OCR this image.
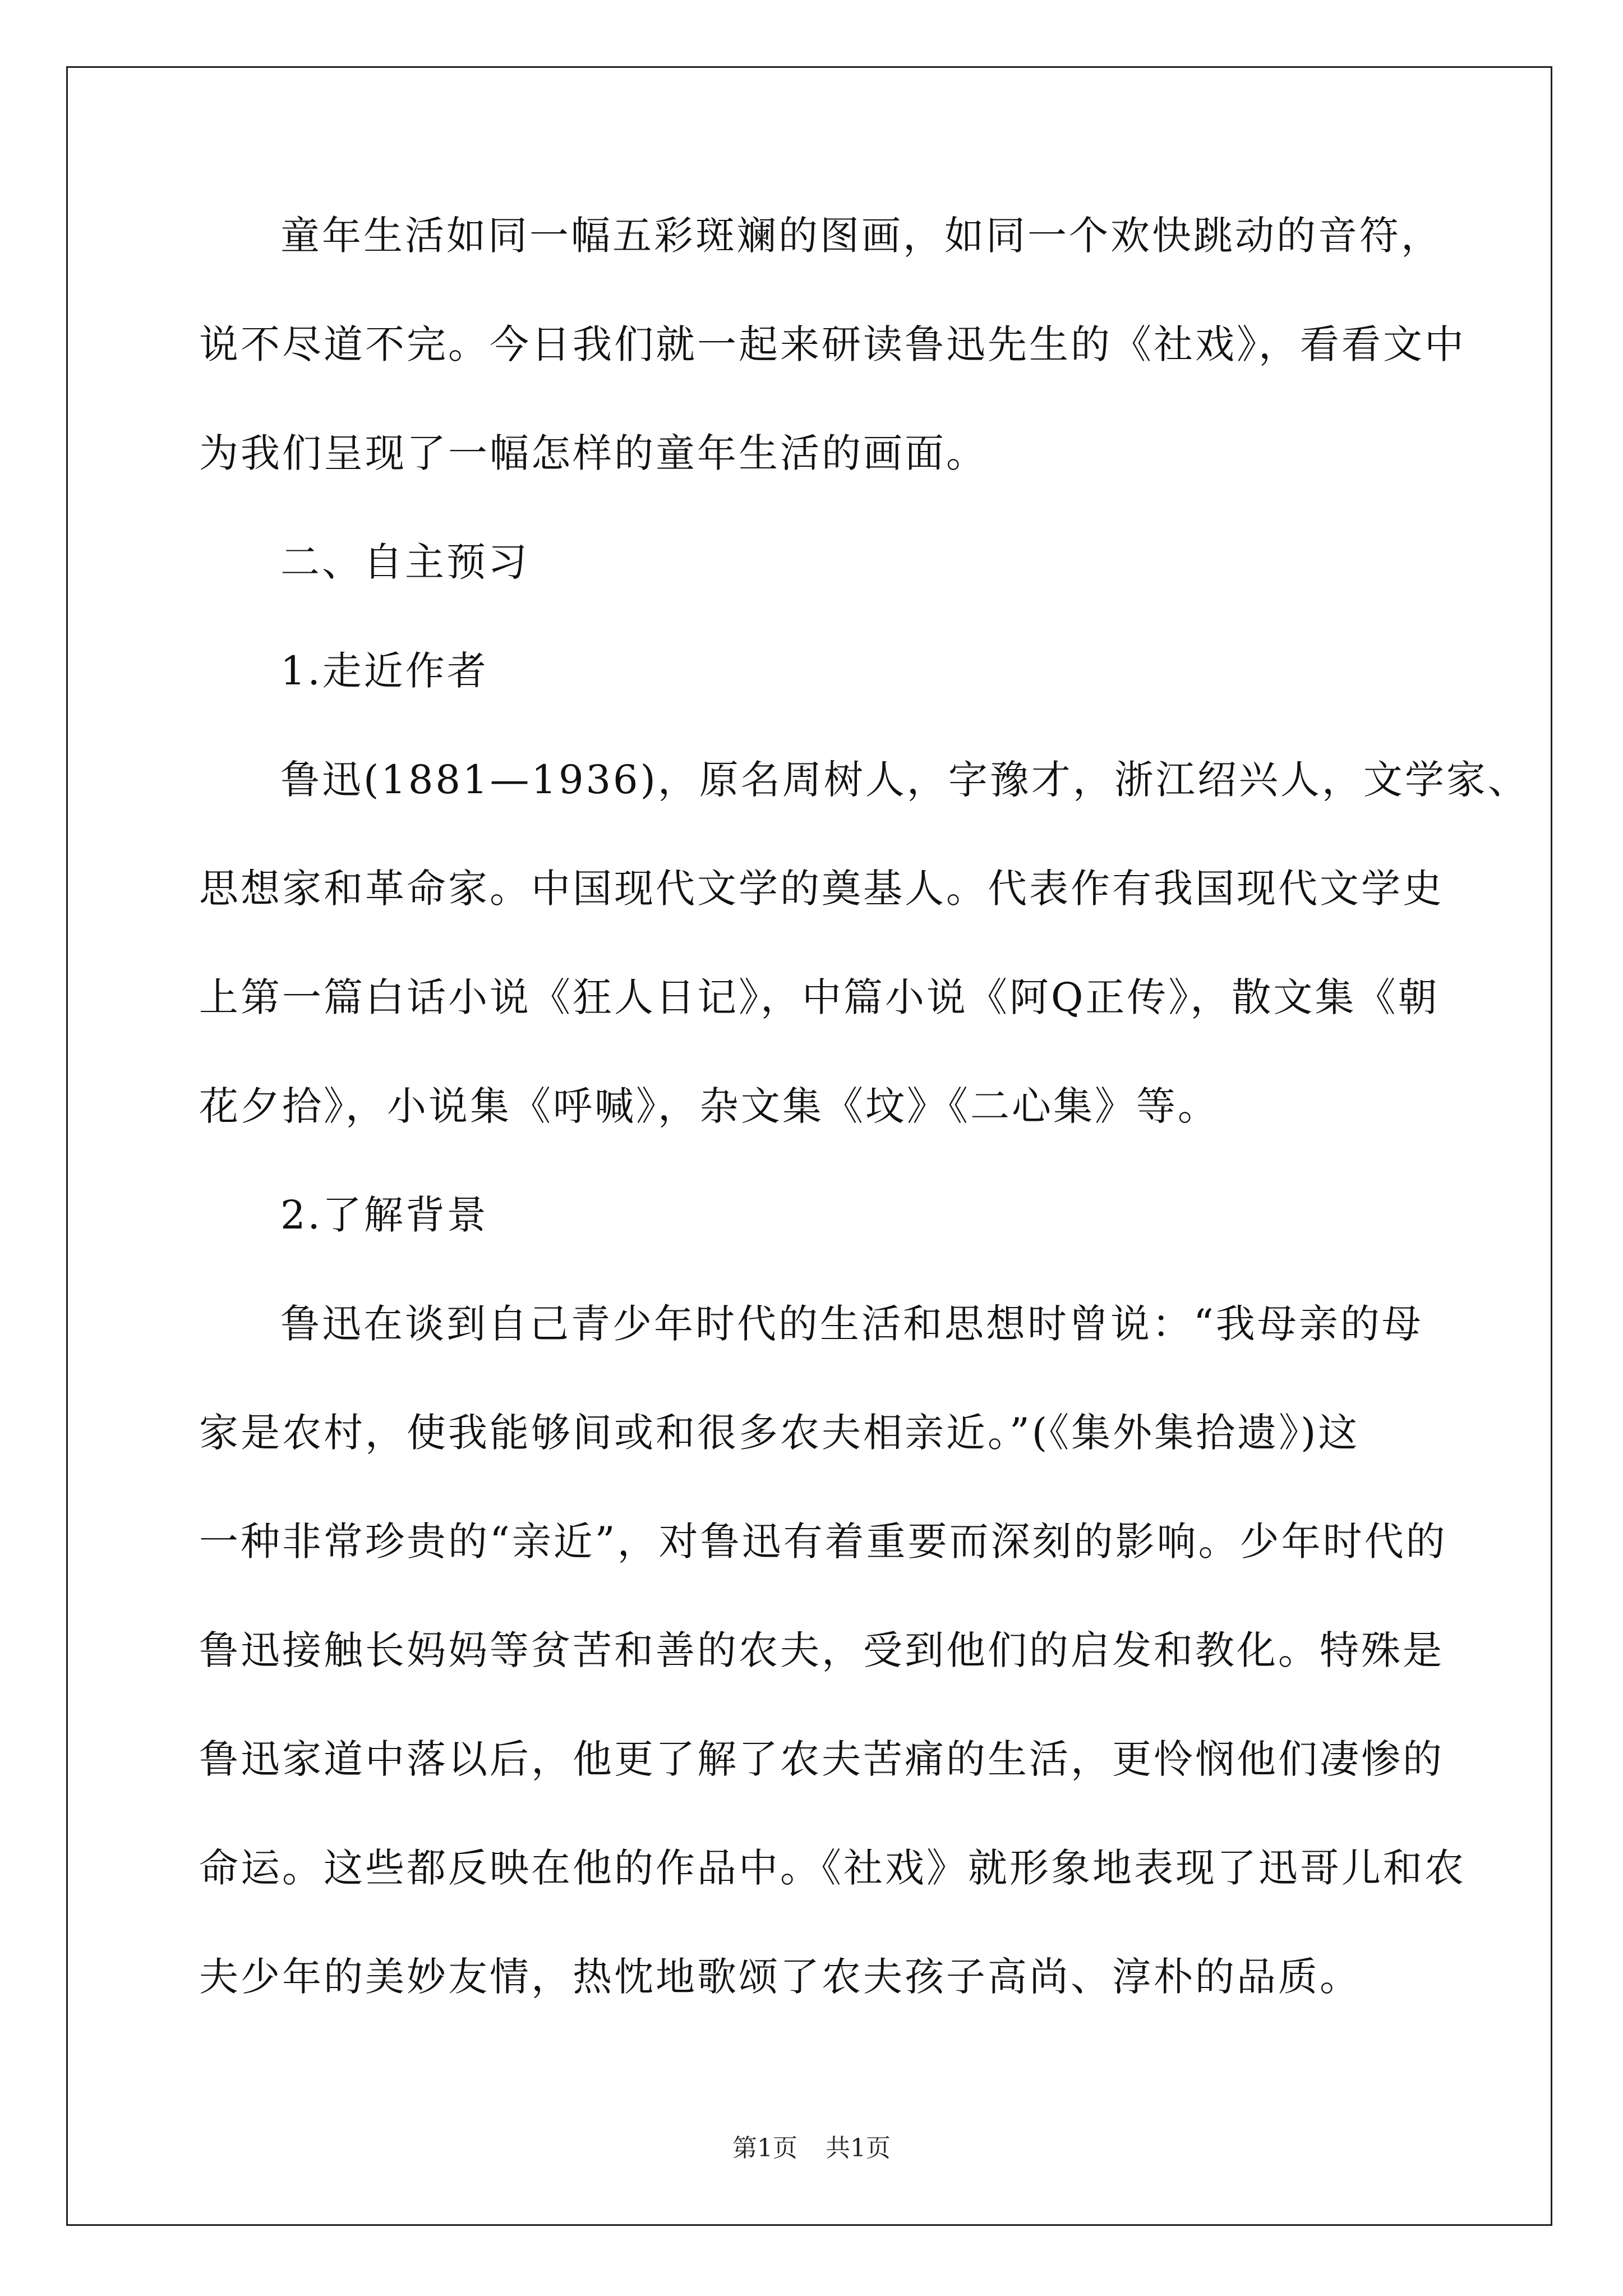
童年生活如同一幅五彩斑斓的图画，如同一个欢快跳动的音符，
说不尽道不完。今日我们就一起来研读鲁迅先生的《社戏》，看看文中
为我们呈现了一幅怎样的童年生活的画面。
二、自主预习
1.走近作者
鲁迅(1881—1936)，原名周树人，字豫才，浙江绍兴人，文学家、
思想家和革命家。中国现代文学的奠基人。代表作有我国现代文学史
上第一篇白话小说《狂人日记》，中篇小说《阿Q正传》，散文集《朝
花夕拾》，小说集《呼喊》，杂文集《坟》《二心集》等。
2.了解背景
鲁迅在谈到自己青少年时代的生活和思想时曾说：“我母亲的母
家是农村，使我能够间或和很多农夫相亲近。”(《集外集拾遗》)这
一种非常珍贵的“亲近”，对鲁迅有着重要而深刻的影响。少年时代的
鲁迅接触长妈妈等贫苦和善的农夫，受到他们的启发和教化。特殊是
鲁迅家道中落以后，他更了解了农夫苦痛的生活，更怜悯他们凄惨的
命运。这些都反映在他的作品中。《社戏》就形象地表现了迅哥儿和农
夫少年的美妙友情，热忱地歌颂了农夫孩子高尚、淳朴的品质。
第1页 共1页
